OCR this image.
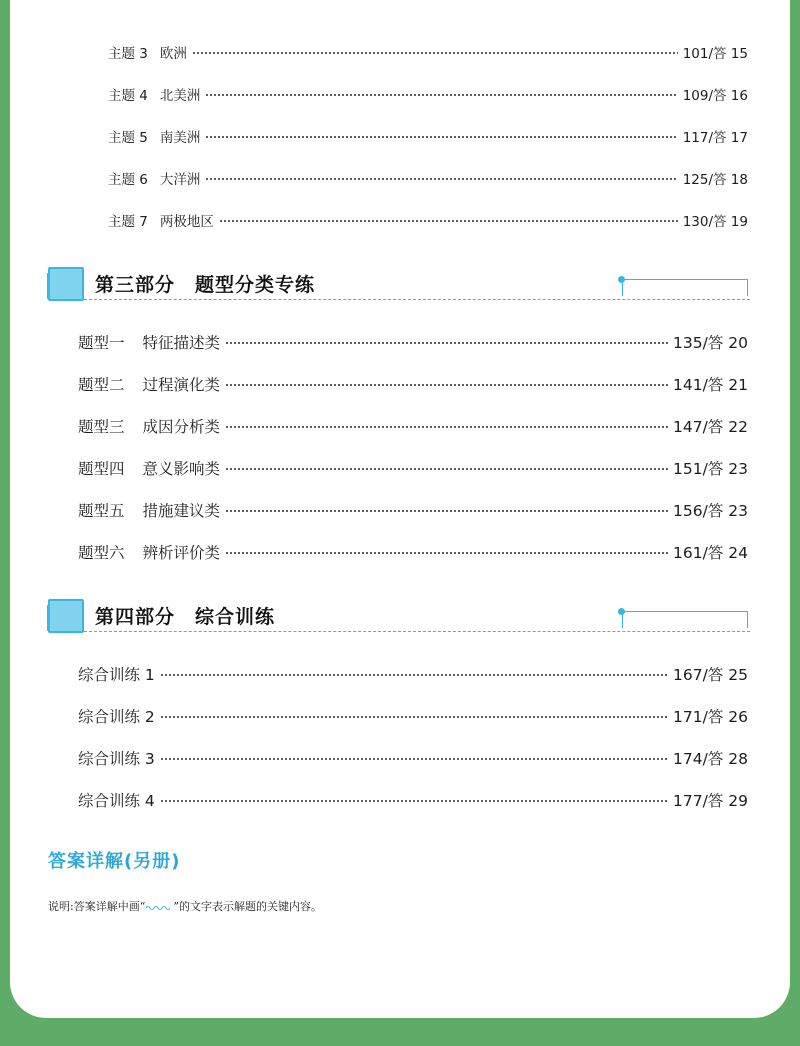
主题 3 欧洲	101/答 15
主题 4 北美洲	109/答 16
主题 5 南美洲	117/答 17
主题 6 大洋洲	125/答 18
主题 7 两极地区	130/答 19
第三部分　题型分类专练
题型一 特征描述类	135/答 20
题型二 过程演化类	141/答 21
题型三 成因分析类	147/答 22
题型四 意义影响类	151/答 23
题型五 措施建议类	156/答 23
题型六 辨析评价类	161/答 24
第四部分　综合训练
综合训练 1	167/答 25
综合训练 2	171/答 26
综合训练 3	174/答 28
综合训练 4	177/答 29
答案详解(另册)
说明:答案详解中画“	”的文字表示解题的关键内容。
